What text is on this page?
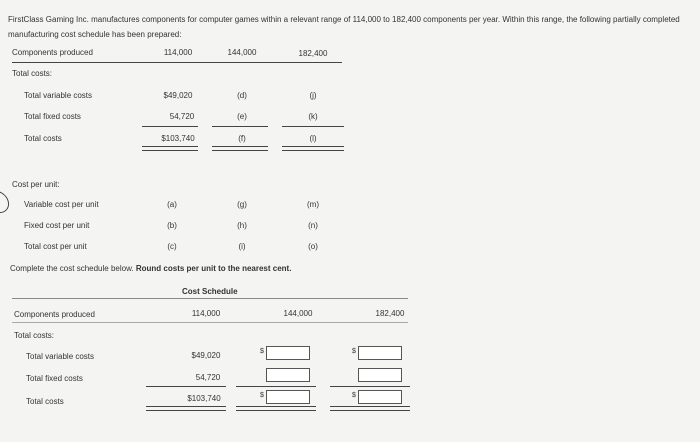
FirstClass Gaming Inc. manufactures components for computer games within a relevant range of 114,000 to 182,400 components per year. Within this range, the following partially completed manufacturing cost schedule has been prepared:
Components produced	114,000	144,000	182,400
Total costs:
Total variable costs	$49,020	(d)	(j)
Total fixed costs	54,720	(e)	(k)
Total costs	$103,740	(f)	(l)
Cost per unit:
Variable cost per unit	(a)	(g)	(m)
Fixed cost per unit	(b)	(h)	(n)
Total cost per unit	(c)	(i)	(o)
Complete the cost schedule below. Round costs per unit to the nearest cent.
Cost Schedule
Components produced	114,000	144,000	182,400
Total costs:
Total variable costs	$49,020	$	$
Total fixed costs	54,720
Total costs	$103,740	$	$
